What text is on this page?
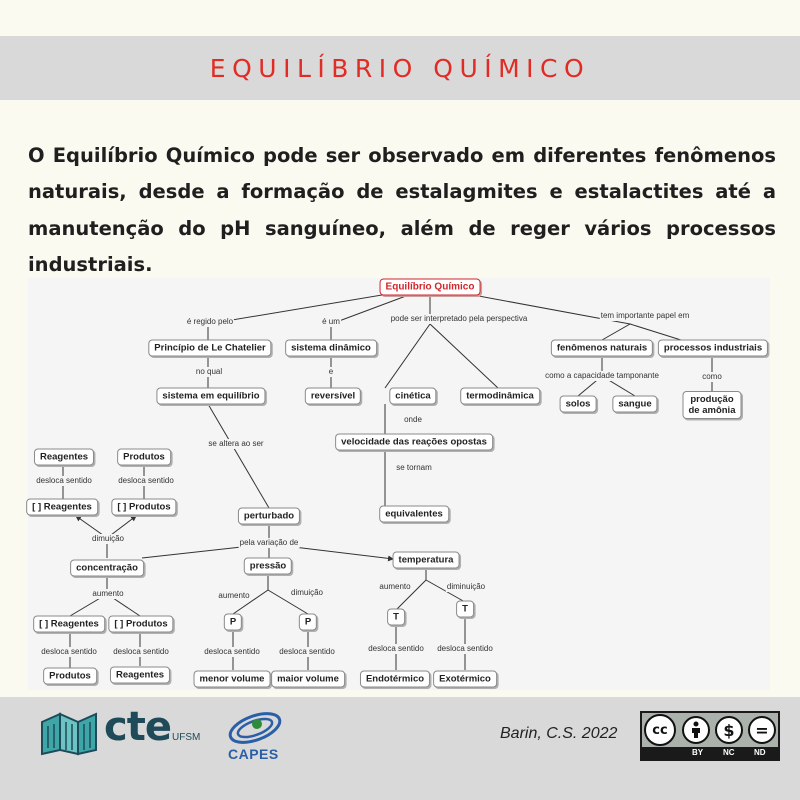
EQUILÍBRIO QUÍMICO

O Equilíbrio Químico pode ser observado em diferentes fenômenos naturais, desde a formação de estalagmites e estalactites até a manutenção do pH sanguíneo, além de reger vários processos industriais.

é regido pelo	é um	pode ser interpretado pela perspectiva	tem importante papel em
no qual	e
onde
se tornam
como a capacidade tamponante	como
se altera ao ser
desloca sentido	desloca sentido
dimuição	pela variação de
aumento	aumento	dimuição
aumento	diminuição
desloca sentido desloca sentido	desloca sentido desloca sentido	desloca sentido desloca sentido
Equilíbrio Químico
Princípio de Le Chatelier	sistema dinâmico
sistema em equilíbrio	reversível	cinética	termodinâmica
velocidade das reações opostas
equivalentes
fenômenos naturais	processos industriais
solos	sangue	produção
de amônia
Reagentes	Produtos
[ ] Reagentes	[ ] Produtos
perturbado
concentração	pressão
temperatura
[ ] Reagentes	[ ] Produtos
Produtos	Reagentes
P	P	T
T
menor volume	maior volume	Endotérmico	Exotérmico
cte UFSM
CAPES
Barin, C.S. 2022	cc	$	=
BY NC ND
